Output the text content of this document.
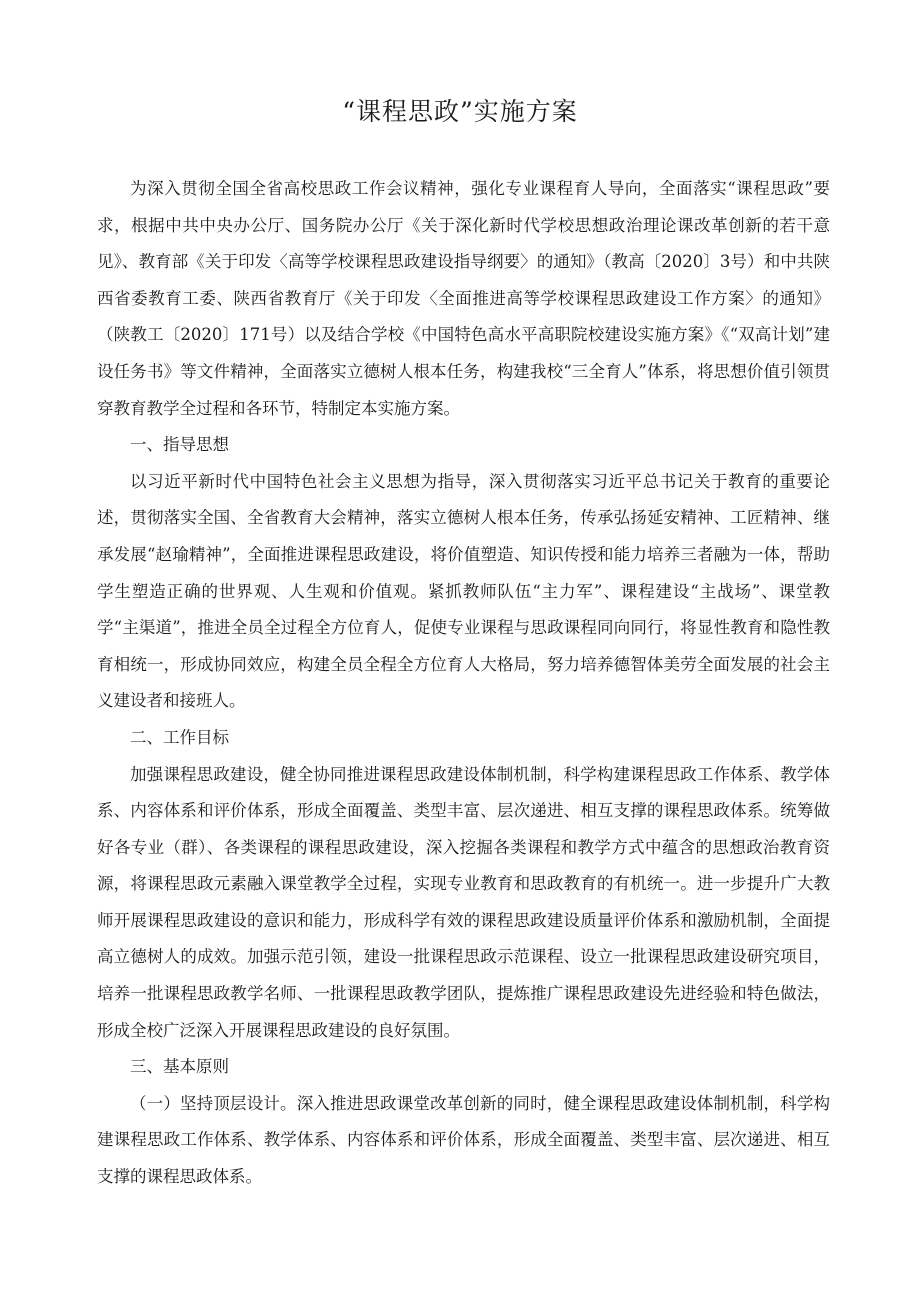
“课程思政”实施方案

为深入贯彻全国全省高校思政工作会议精神，强化专业课程育人导向，全面落实“课程思政”要求，根据中共中央办公厅、国务院办公厅《关于深化新时代学校思想政治理论课改革创新的若干意见》、教育部《关于印发〈高等学校课程思政建设指导纲要〉的通知》（教高〔2020〕3号）和中共陕西省委教育工委、陕西省教育厅《关于印发〈全面推进高等学校课程思政建设工作方案〉的通知》（陕教工〔2020〕171号）以及结合学校《中国特色高水平高职院校建设实施方案》《“双高计划”建设任务书》等文件精神，全面落实立德树人根本任务，构建我校“三全育人”体系，将思想价值引领贯穿教育教学全过程和各环节，特制定本实施方案。

一、指导思想

以习近平新时代中国特色社会主义思想为指导，深入贯彻落实习近平总书记关于教育的重要论述，贯彻落实全国、全省教育大会精神，落实立德树人根本任务，传承弘扬延安精神、工匠精神、继承发展“赵瑜精神”，全面推进课程思政建设，将价值塑造、知识传授和能力培养三者融为一体，帮助学生塑造正确的世界观、人生观和价值观。紧抓教师队伍“主力军”、课程建设“主战场”、课堂教学“主渠道”，推进全员全过程全方位育人，促使专业课程与思政课程同向同行，将显性教育和隐性教育相统一，形成协同效应，构建全员全程全方位育人大格局，努力培养德智体美劳全面发展的社会主义建设者和接班人。

二、工作目标

加强课程思政建设，健全协同推进课程思政建设体制机制，科学构建课程思政工作体系、教学体系、内容体系和评价体系，形成全面覆盖、类型丰富、层次递进、相互支撑的课程思政体系。统筹做好各专业（群）、各类课程的课程思政建设，深入挖掘各类课程和教学方式中蕴含的思想政治教育资源，将课程思政元素融入课堂教学全过程，实现专业教育和思政教育的有机统一。进一步提升广大教师开展课程思政建设的意识和能力，形成科学有效的课程思政建设质量评价体系和激励机制，全面提高立德树人的成效。加强示范引领，建设一批课程思政示范课程、设立一批课程思政建设研究项目，培养一批课程思政教学名师、一批课程思政教学团队，提炼推广课程思政建设先进经验和特色做法，形成全校广泛深入开展课程思政建设的良好氛围。

三、基本原则

（一）坚持顶层设计。深入推进思政课堂改革创新的同时，健全课程思政建设体制机制，科学构建课程思政工作体系、教学体系、内容体系和评价体系，形成全面覆盖、类型丰富、层次递进、相互支撑的课程思政体系。
